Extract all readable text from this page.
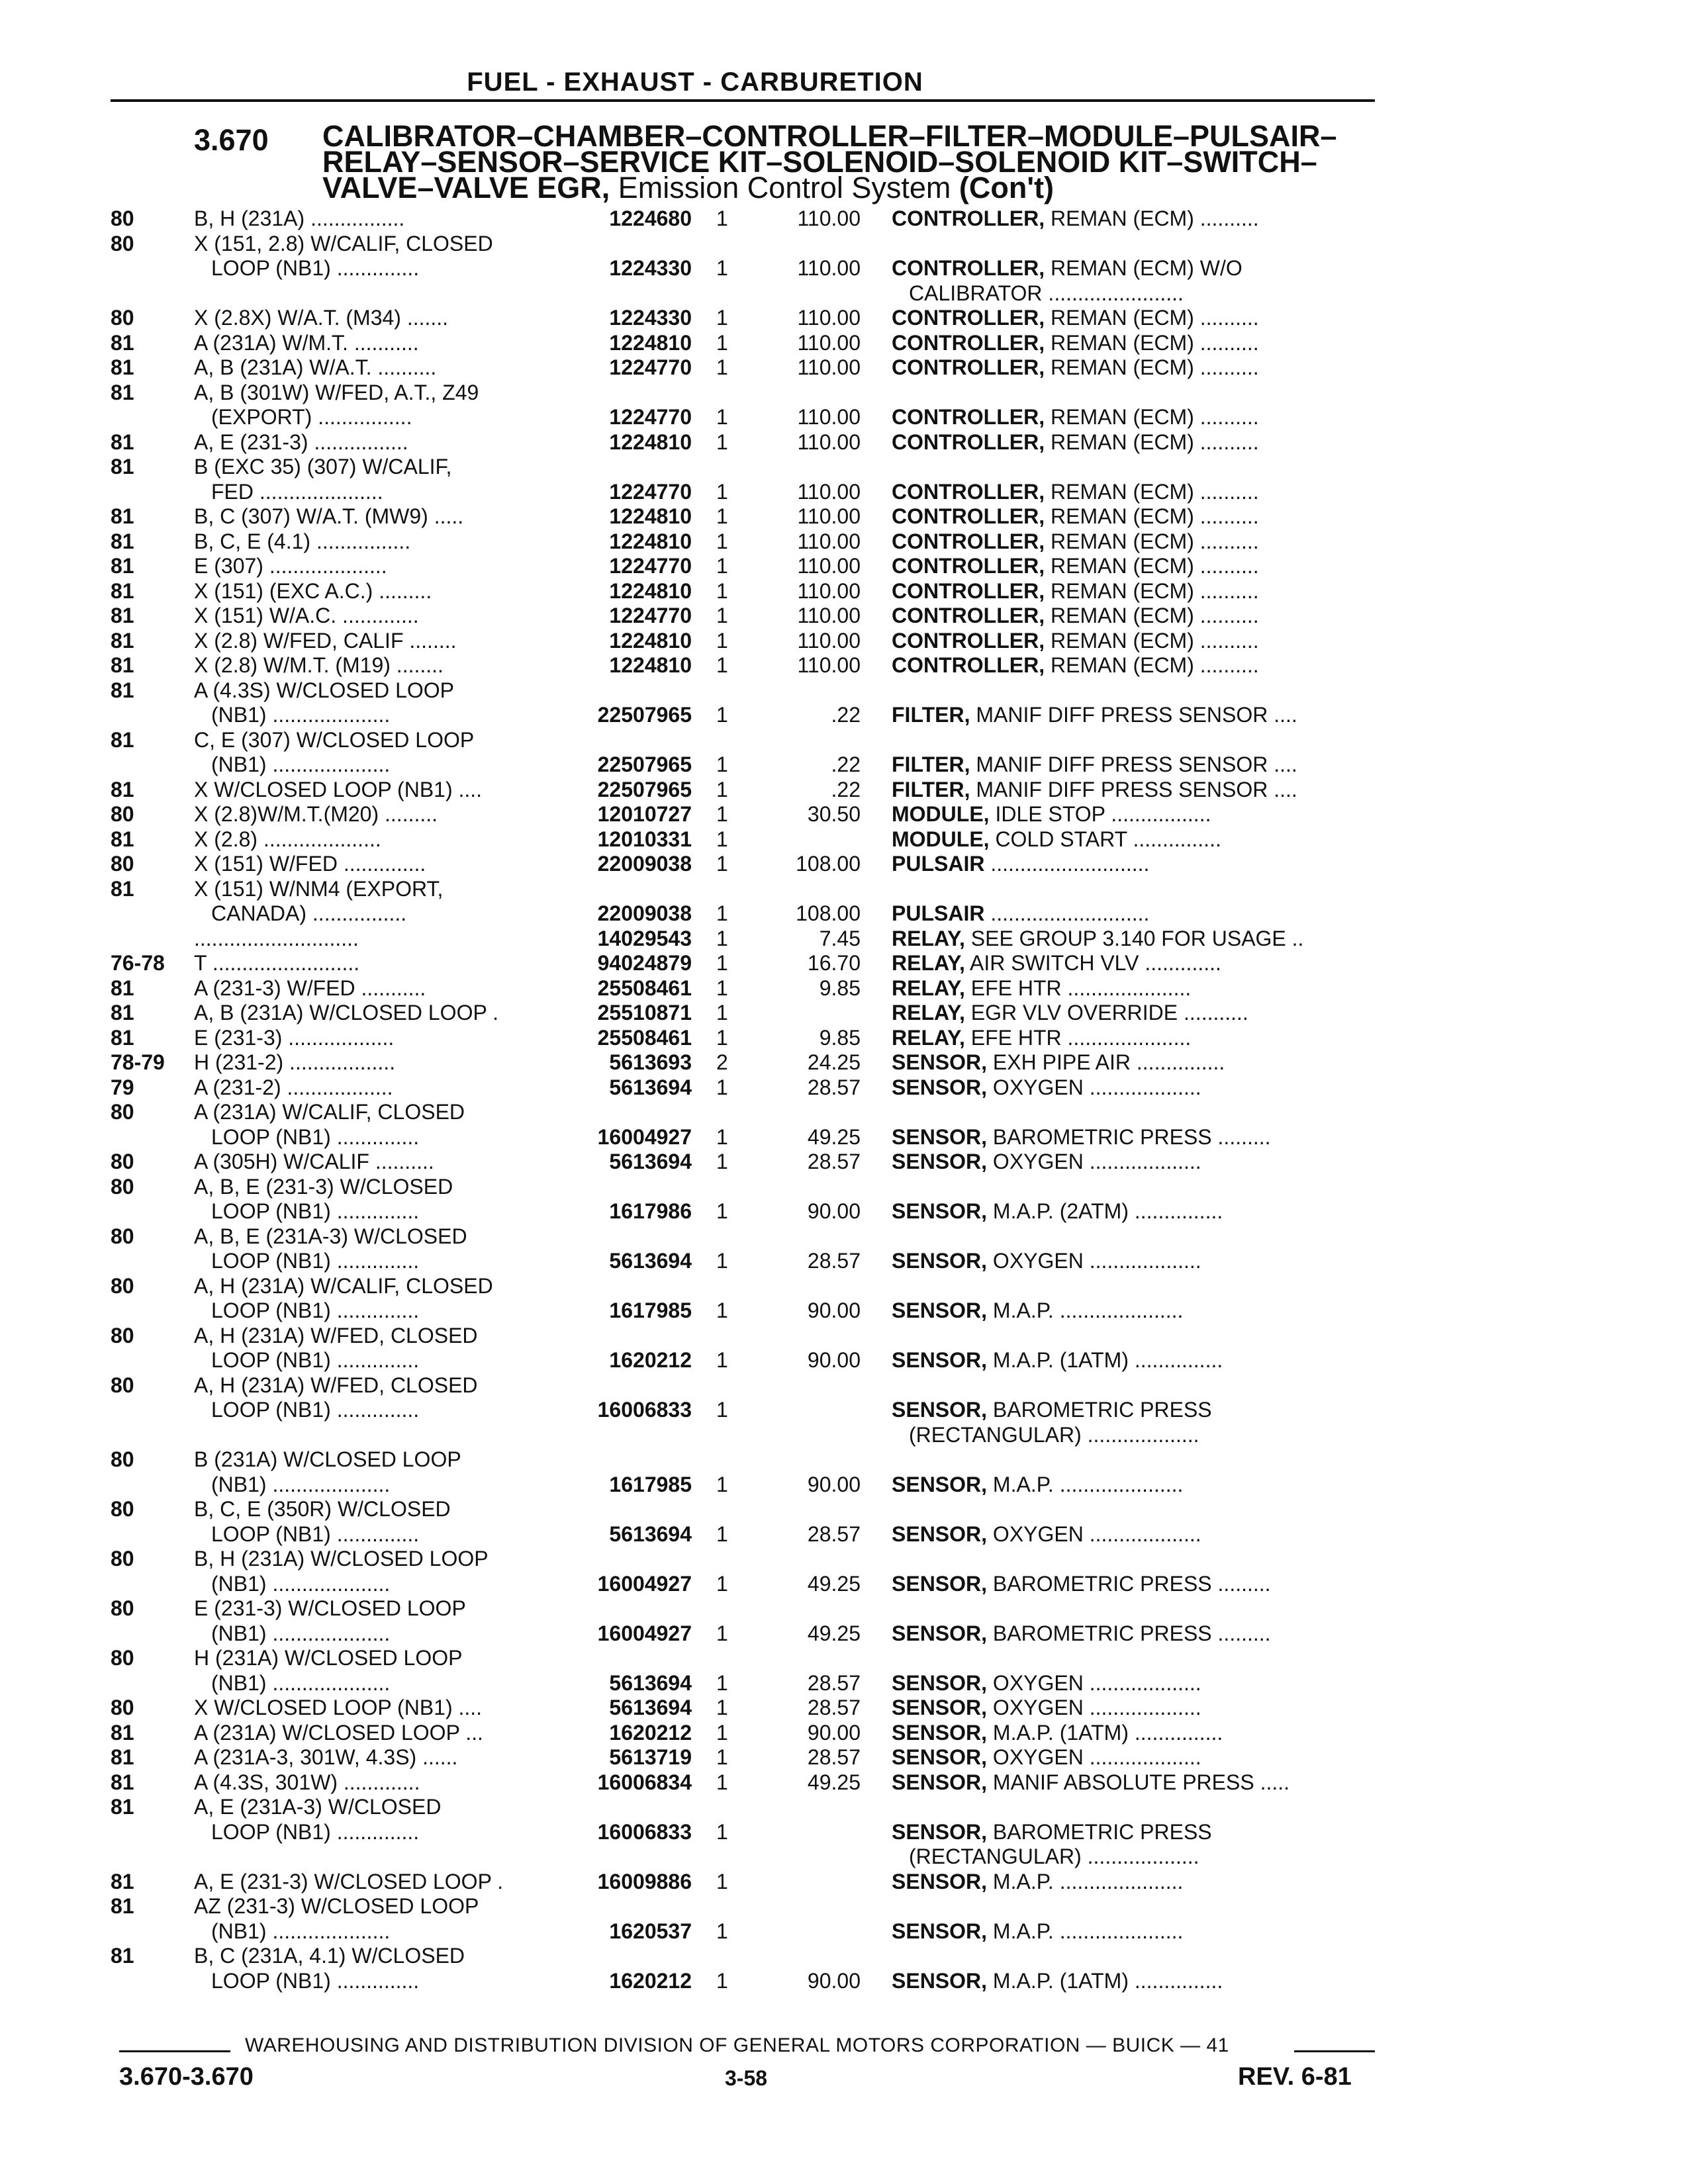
FUEL - EXHAUST - CARBURETION
3.670 CALIBRATOR–CHAMBER–CONTROLLER–FILTER–MODULE–PULSAIR–
RELAY–SENSOR–SERVICE KIT–SOLENOID–SOLENOID KIT–SWITCH–
VALVE–VALVE EGR, Emission Control System (Con't)
80	B, H (231A) ................	1224680 1	110.00 CONTROLLER, REMAN (ECM) ..........
80	X (151, 2.8) W/CALIF, CLOSED
LOOP (NB1) ..............	1224330 1	110.00 CONTROLLER, REMAN (ECM) W/O
CALIBRATOR .......................
80	X (2.8X) W/A.T. (M34) .......	1224330 1	110.00 CONTROLLER, REMAN (ECM) ..........
81	A (231A) W/M.T. ...........	1224810 1	110.00 CONTROLLER, REMAN (ECM) ..........
81	A, B (231A) W/A.T. ..........	1224770 1	110.00 CONTROLLER, REMAN (ECM) ..........
81	A, B (301W) W/FED, A.T., Z49
(EXPORT) ................	1224770 1	110.00 CONTROLLER, REMAN (ECM) ..........
81	A, E (231-3) ................	1224810 1	110.00 CONTROLLER, REMAN (ECM) ..........
81	B (EXC 35) (307) W/CALIF,
FED .....................	1224770 1	110.00 CONTROLLER, REMAN (ECM) ..........
81	B, C (307) W/A.T. (MW9) .....	1224810 1	110.00 CONTROLLER, REMAN (ECM) ..........
81	B, C, E (4.1) ................	1224810 1	110.00 CONTROLLER, REMAN (ECM) ..........
81	E (307) ....................	1224770 1	110.00 CONTROLLER, REMAN (ECM) ..........
81	X (151) (EXC A.C.) .........	1224810 1	110.00 CONTROLLER, REMAN (ECM) ..........
81	X (151) W/A.C. .............	1224770 1	110.00 CONTROLLER, REMAN (ECM) ..........
81	X (2.8) W/FED, CALIF ........	1224810 1	110.00 CONTROLLER, REMAN (ECM) ..........
81	X (2.8) W/M.T. (M19) ........	1224810 1	110.00 CONTROLLER, REMAN (ECM) ..........
81	A (4.3S) W/CLOSED LOOP
(NB1) ....................	22507965 1	.22 FILTER, MANIF DIFF PRESS SENSOR ....
81	C, E (307) W/CLOSED LOOP
(NB1) ....................	22507965 1	.22 FILTER, MANIF DIFF PRESS SENSOR ....
81	X W/CLOSED LOOP (NB1) ....	22507965 1	.22 FILTER, MANIF DIFF PRESS SENSOR ....
80	X (2.8)W/M.T.(M20) .........	12010727 1	30.50 MODULE, IDLE STOP .................
81	X (2.8) ....................	12010331 1	MODULE, COLD START ...............
80	X (151) W/FED ..............	22009038 1	108.00 PULSAIR ...........................
81	X (151) W/NM4 (EXPORT,
CANADA) ................	22009038 1	108.00 PULSAIR ...........................
............................	14029543 1	7.45 RELAY, SEE GROUP 3.140 FOR USAGE ..
76-78 T .........................	94024879 1	16.70 RELAY, AIR SWITCH VLV .............
81	A (231-3) W/FED ...........	25508461 1	9.85 RELAY, EFE HTR .....................
81	A, B (231A) W/CLOSED LOOP .	25510871 1	RELAY, EGR VLV OVERRIDE ...........
81	E (231-3) ..................	25508461 1	9.85 RELAY, EFE HTR .....................
78-79 H (231-2) ..................	5613693 2	24.25 SENSOR, EXH PIPE AIR ...............
79	A (231-2) ..................	5613694 1	28.57 SENSOR, OXYGEN ...................
80	A (231A) W/CALIF, CLOSED
LOOP (NB1) ..............	16004927 1	49.25 SENSOR, BAROMETRIC PRESS .........
80	A (305H) W/CALIF ..........	5613694 1	28.57 SENSOR, OXYGEN ...................
80	A, B, E (231-3) W/CLOSED
LOOP (NB1) ..............	1617986 1	90.00 SENSOR, M.A.P. (2ATM) ...............
80	A, B, E (231A-3) W/CLOSED
LOOP (NB1) ..............	5613694 1	28.57 SENSOR, OXYGEN ...................
80	A, H (231A) W/CALIF, CLOSED
LOOP (NB1) ..............	1617985 1	90.00 SENSOR, M.A.P. .....................
80	A, H (231A) W/FED, CLOSED
LOOP (NB1) ..............	1620212 1	90.00 SENSOR, M.A.P. (1ATM) ...............
80	A, H (231A) W/FED, CLOSED
LOOP (NB1) ..............	16006833 1	SENSOR, BAROMETRIC PRESS
(RECTANGULAR) ...................
80	B (231A) W/CLOSED LOOP
(NB1) ....................	1617985 1	90.00 SENSOR, M.A.P. .....................
80	B, C, E (350R) W/CLOSED
LOOP (NB1) ..............	5613694 1	28.57 SENSOR, OXYGEN ...................
80	B, H (231A) W/CLOSED LOOP
(NB1) ....................	16004927 1	49.25 SENSOR, BAROMETRIC PRESS .........
80	E (231-3) W/CLOSED LOOP
(NB1) ....................	16004927 1	49.25 SENSOR, BAROMETRIC PRESS .........
80	H (231A) W/CLOSED LOOP
(NB1) ....................	5613694 1	28.57 SENSOR, OXYGEN ...................
80	X W/CLOSED LOOP (NB1) ....	5613694 1	28.57 SENSOR, OXYGEN ...................
81	A (231A) W/CLOSED LOOP ...	1620212 1	90.00 SENSOR, M.A.P. (1ATM) ...............
81	A (231A-3, 301W, 4.3S) ......	5613719 1	28.57 SENSOR, OXYGEN ...................
81	A (4.3S, 301W) .............	16006834 1	49.25 SENSOR, MANIF ABSOLUTE PRESS .....
81	A, E (231A-3) W/CLOSED
LOOP (NB1) ..............	16006833 1	SENSOR, BAROMETRIC PRESS
(RECTANGULAR) ...................
81	A, E (231-3) W/CLOSED LOOP .	16009886 1	SENSOR, M.A.P. .....................
81	AZ (231-3) W/CLOSED LOOP
(NB1) ....................	1620537 1	SENSOR, M.A.P. .....................
81	B, C (231A, 4.1) W/CLOSED
LOOP (NB1) ..............	1620212 1	90.00 SENSOR, M.A.P. (1ATM) ...............
WAREHOUSING AND DISTRIBUTION DIVISION OF GENERAL MOTORS CORPORATION — BUICK — 41
3.670-3.670	3-58	REV. 6-81
